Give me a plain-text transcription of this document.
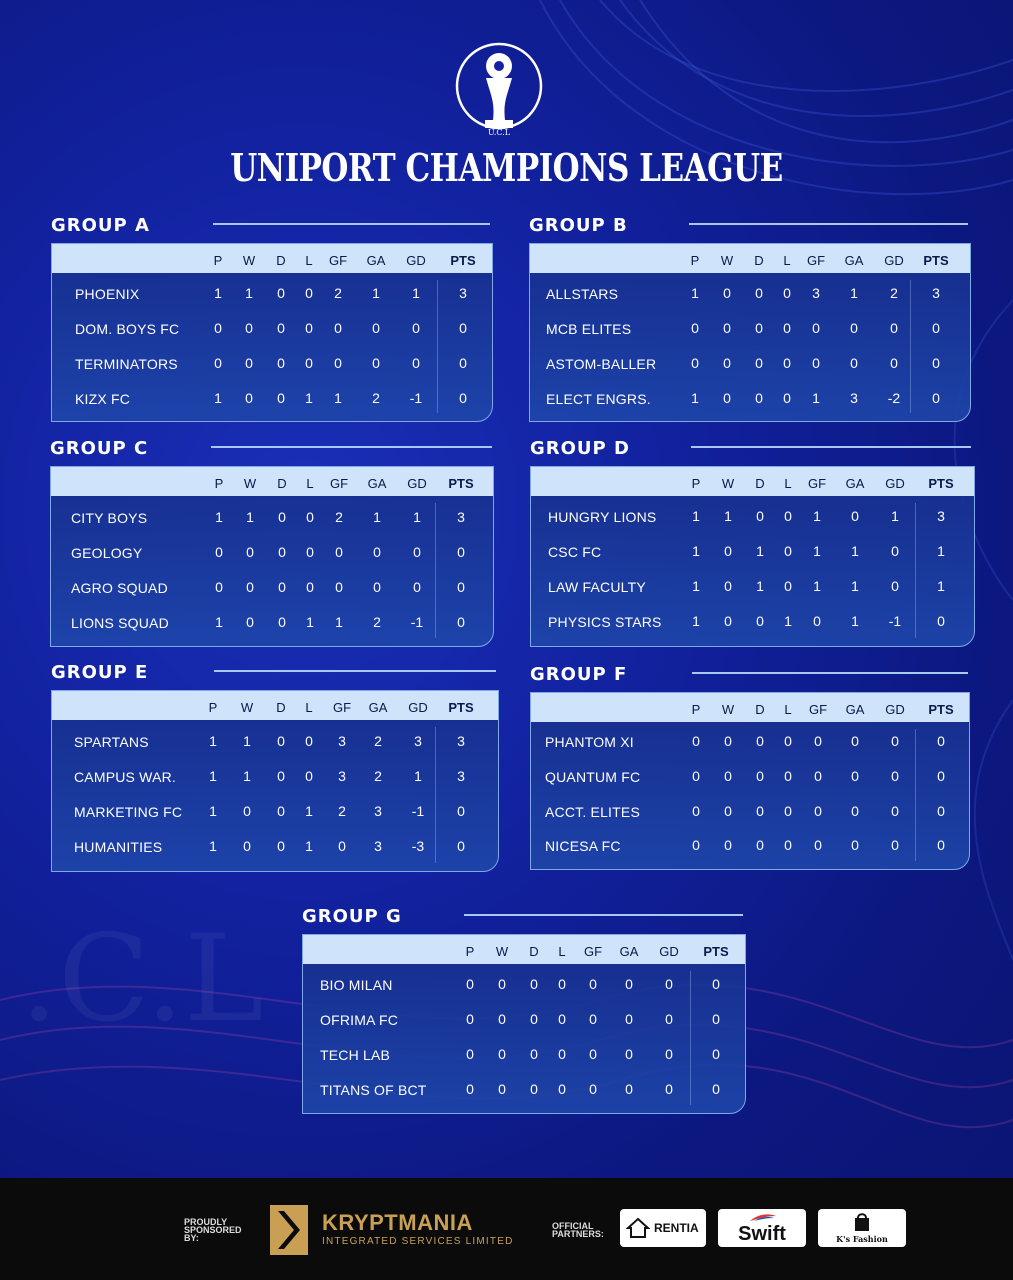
.C.L
U.C.L
UNIPORT CHAMPIONS LEAGUE
GROUP A
P	W	D	L	GF	GA	GD	PTS
PHOENIX	1	1	0	0	2	1	1	3
DOM. BOYS FC	0	0	0	0	0	0	0	0
TERMINATORS	0	0	0	0	0	0	0	0
KIZX FC	1	0	0	1	1	2	-1	0
GROUP B
P	W	D	L	GF	GA	GD	PTS
ALLSTARS	1	0	0	0	3	1	2	3
MCB ELITES	0	0	0	0	0	0	0	0
ASTOM-BALLER	0	0	0	0	0	0	0	0
ELECT ENGRS.	1	0	0	0	1	3	-2	0
GROUP C
P	W	D	L	GF	GA	GD	PTS
CITY BOYS	1	1	0	0	2	1	1	3
GEOLOGY	0	0	0	0	0	0	0	0
AGRO SQUAD	0	0	0	0	0	0	0	0
LIONS SQUAD	1	0	0	1	1	2	-1	0
GROUP D
P	W	D	L	GF	GA	GD	PTS
HUNGRY LIONS	1	1	0	0	1	0	1	3
CSC FC	1	0	1	0	1	1	0	1
LAW FACULTY	1	0	1	0	1	1	0	1
PHYSICS STARS	1	0	0	1	0	1	-1	0
GROUP E
P	W	D	L	GF	GA	GD	PTS
SPARTANS	1	1	0	0	3	2	3	3
CAMPUS WAR.	1	1	0	0	3	2	1	3
MARKETING FC	1	0	0	1	2	3	-1	0
HUMANITIES	1	0	0	1	0	3	-3	0
GROUP F
P	W	D	L	GF	GA	GD	PTS
PHANTOM XI	0	0	0	0	0	0	0	0
QUANTUM FC	0	0	0	0	0	0	0	0
ACCT. ELITES	0	0	0	0	0	0	0	0
NICESA FC	0	0	0	0	0	0	0	0
GROUP G
P	W	D	L	GF	GA	GD	PTS
BIO MILAN	0	0	0	0	0	0	0	0
OFRIMA FC	0	0	0	0	0	0	0	0
TECH LAB	0	0	0	0	0	0	0	0
TITANS OF BCT	0	0	0	0	0	0	0	0
PROUDLY
SPONSORED
BY:
KRYPTMANIA
INTEGRATED SERVICES LIMITED
OFFICIAL
PARTNERS:	RENTIA	Swift	K's Fashion
